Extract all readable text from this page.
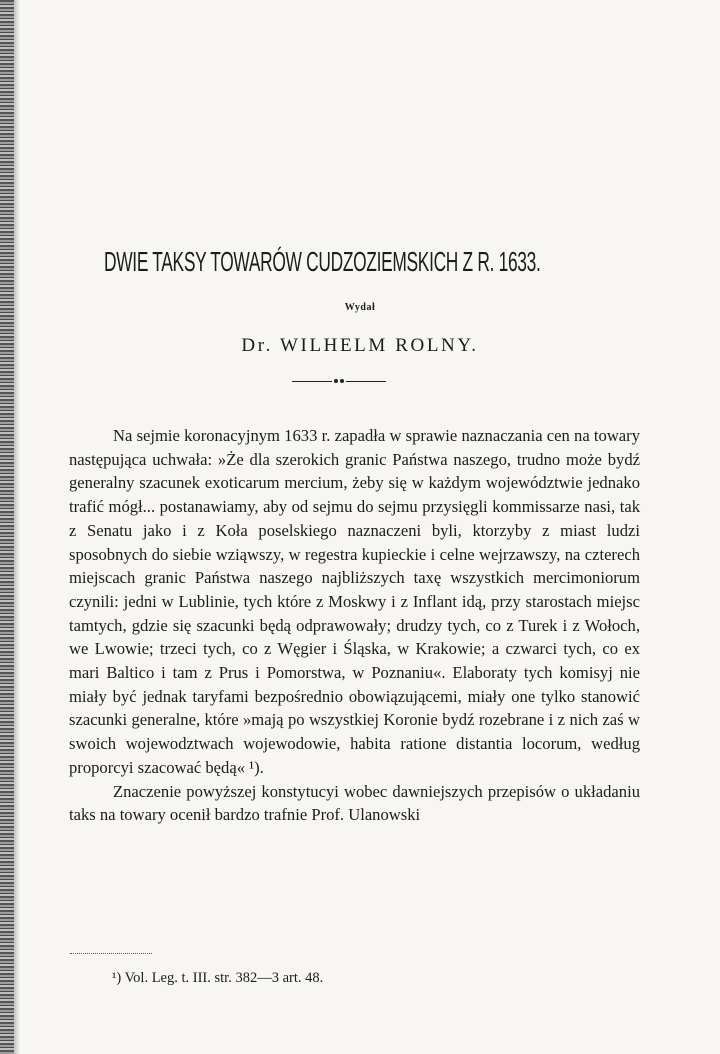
DWIE TAKSY TOWARÓW CUDZOZIEMSKICH Z R. 1633.
Wydał
Dr. WILHELM ROLNY.

Na sejmie koronacyjnym 1633 r. zapadła w sprawie naznaczania cen na towary następująca uchwała: »Że dla szerokich granic Państwa naszego, trudno może bydź generalny szacunek exoticarum mercium, żeby się w każdym województwie jednako trafić mógł... postanawiamy, aby od sejmu do sejmu przysięgli kommissarze nasi, tak z Senatu jako i z Koła poselskiego naznaczeni byli, ktorzyby z miast ludzi sposobnych do siebie wziąwszy, w regestra kupieckie i celne wejrzawszy, na czterech miejscach granic Państwa naszego najbliższych taxę wszystkich mercimoniorum czynili: jedni w Lublinie, tych które z Moskwy i z Inflant idą, przy starostach miejsc tamtych, gdzie się szacunki będą odprawowały; drudzy tych, co z Turek i z Wołoch, we Lwowie; trzeci tych, co z Węgier i Śląska, w Krakowie; a czwarci tych, co ex mari Baltico i tam z Prus i Pomorstwa, w Poznaniu«. Elaboraty tych komisyj nie miały być jednak taryfami bezpośrednio obowiązującemi, miały one tylko stanowić szacunki generalne, które »mają po wszystkiej Koronie bydź rozebrane i z nich zaś w swoich wojewodztwach wojewodowie, habita ratione distantia locorum, według proporcyi szacować będą« ¹).

Znaczenie powyższej konstytucyi wobec dawniejszych przepisów o układaniu taks na towary ocenił bardzo trafnie Prof. Ulanowski

¹) Vol. Leg. t. III. str. 382—3 art. 48.
